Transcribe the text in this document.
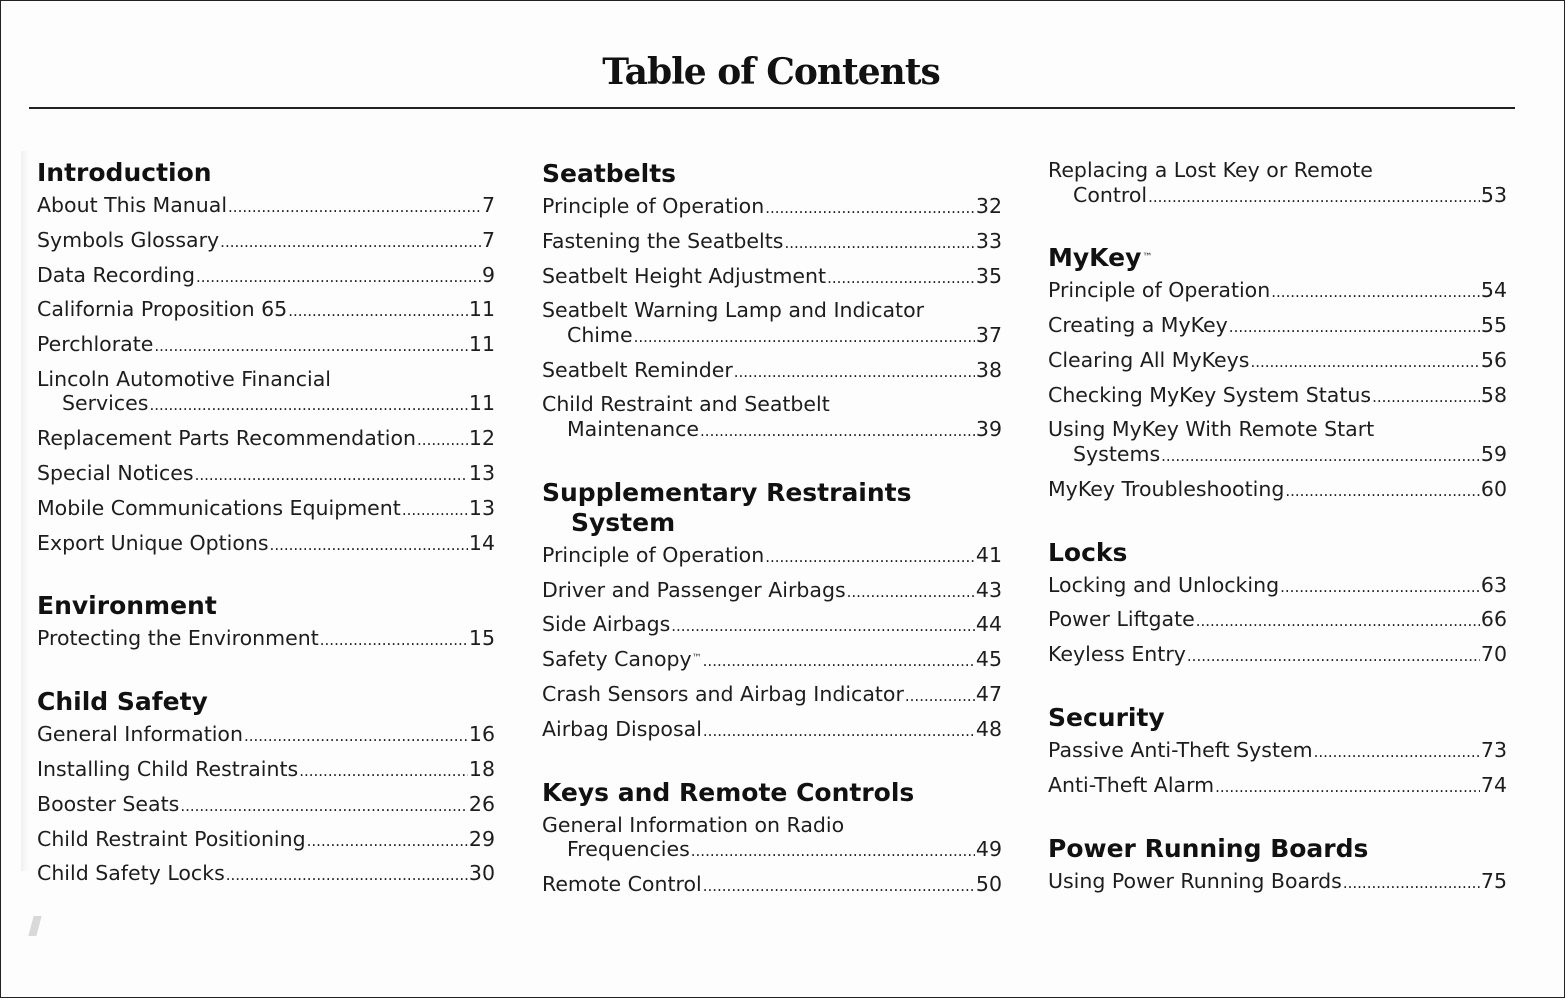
Table of Contents
Introduction
About This Manual .....	7
Symbols Glossary .....	7
Data Recording .....	9
California Proposition 65 .....	11
Perchlorate .....	11
Lincoln Automotive Financial
Services .....	11
Replacement Parts Recommendation .....	12
Special Notices .....	13
Mobile Communications Equipment .....	13
Export Unique Options .....	14
Environment
Protecting the Environment .....	15
Child Safety
General Information .....	16
Installing Child Restraints .....	18
Booster Seats .....	26
Child Restraint Positioning .....	29
Child Safety Locks .....	30
Seatbelts
Principle of Operation .....	32
Fastening the Seatbelts .....	33
Seatbelt Height Adjustment .....	35
Seatbelt Warning Lamp and Indicator
Chime .....	37
Seatbelt Reminder .....	38
Child Restraint and Seatbelt
Maintenance .....	39
Supplementary Restraints
System
Principle of Operation .....	41
Driver and Passenger Airbags .....	43
Side Airbags .....	44
Safety Canopy™ .....	45
Crash Sensors and Airbag Indicator .....	47
Airbag Disposal .....	48
Keys and Remote Controls
General Information on Radio
Frequencies .....	49
Remote Control .....	50
Replacing a Lost Key or Remote
Control .....	53
MyKey™
Principle of Operation .....	54
Creating a MyKey .....	55
Clearing All MyKeys .....	56
Checking MyKey System Status .....	58
Using MyKey With Remote Start
Systems .....	59
MyKey Troubleshooting .....	60
Locks
Locking and Unlocking .....	63
Power Liftgate .....	66
Keyless Entry .....	70
Security
Passive Anti-Theft System .....	73
Anti-Theft Alarm .....	74
Power Running Boards
Using Power Running Boards .....	75
